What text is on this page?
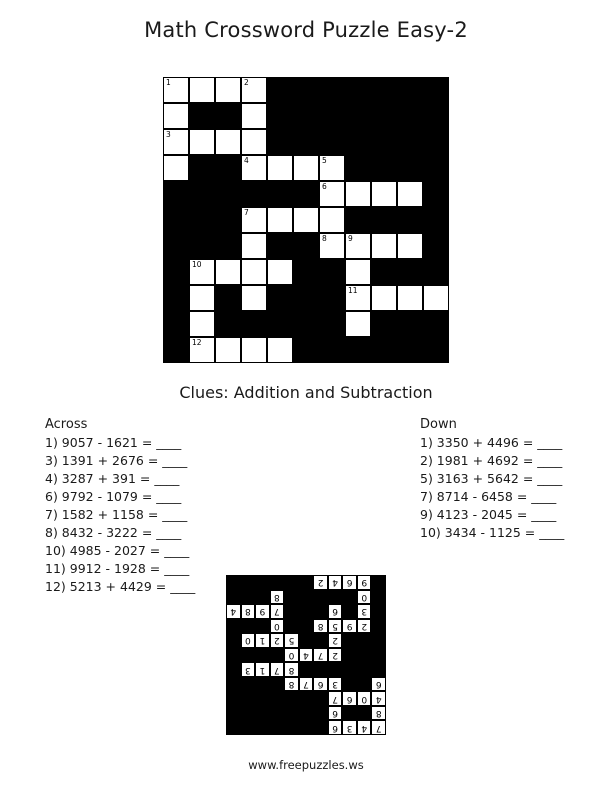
Math Crossword Puzzle Easy-2
1	2
3
4	5
6
7
8	9
10
11
12
Clues: Addition and Subtraction
Across
1) 9057 - 1621 = ____
3) 1391 + 2676 = ____
4) 3287 + 391 = ____
6) 9792 - 1079 = ____
7) 1582 + 1158 = ____
8) 8432 - 3222 = ____
10) 4985 - 2027 = ____
11) 9912 - 1928 = ____
12) 5213 + 4429 = ____
Down
1) 3350 + 4496 = ____
2) 1981 + 4692 = ____
5) 3163 + 5642 = ____
7) 8714 - 6458 = ____
9) 4123 - 2045 = ____
10) 3434 - 1125 = ____
7
4
3
6
8
6
4
0
6
7
6
3
6
7
8
8
7
1
3
2
7
4
0
2
5
2
1
0
2
9
5
8
0
3
6
7
9
8
4
0
8
9
6
4
2
www.freepuzzles.ws
